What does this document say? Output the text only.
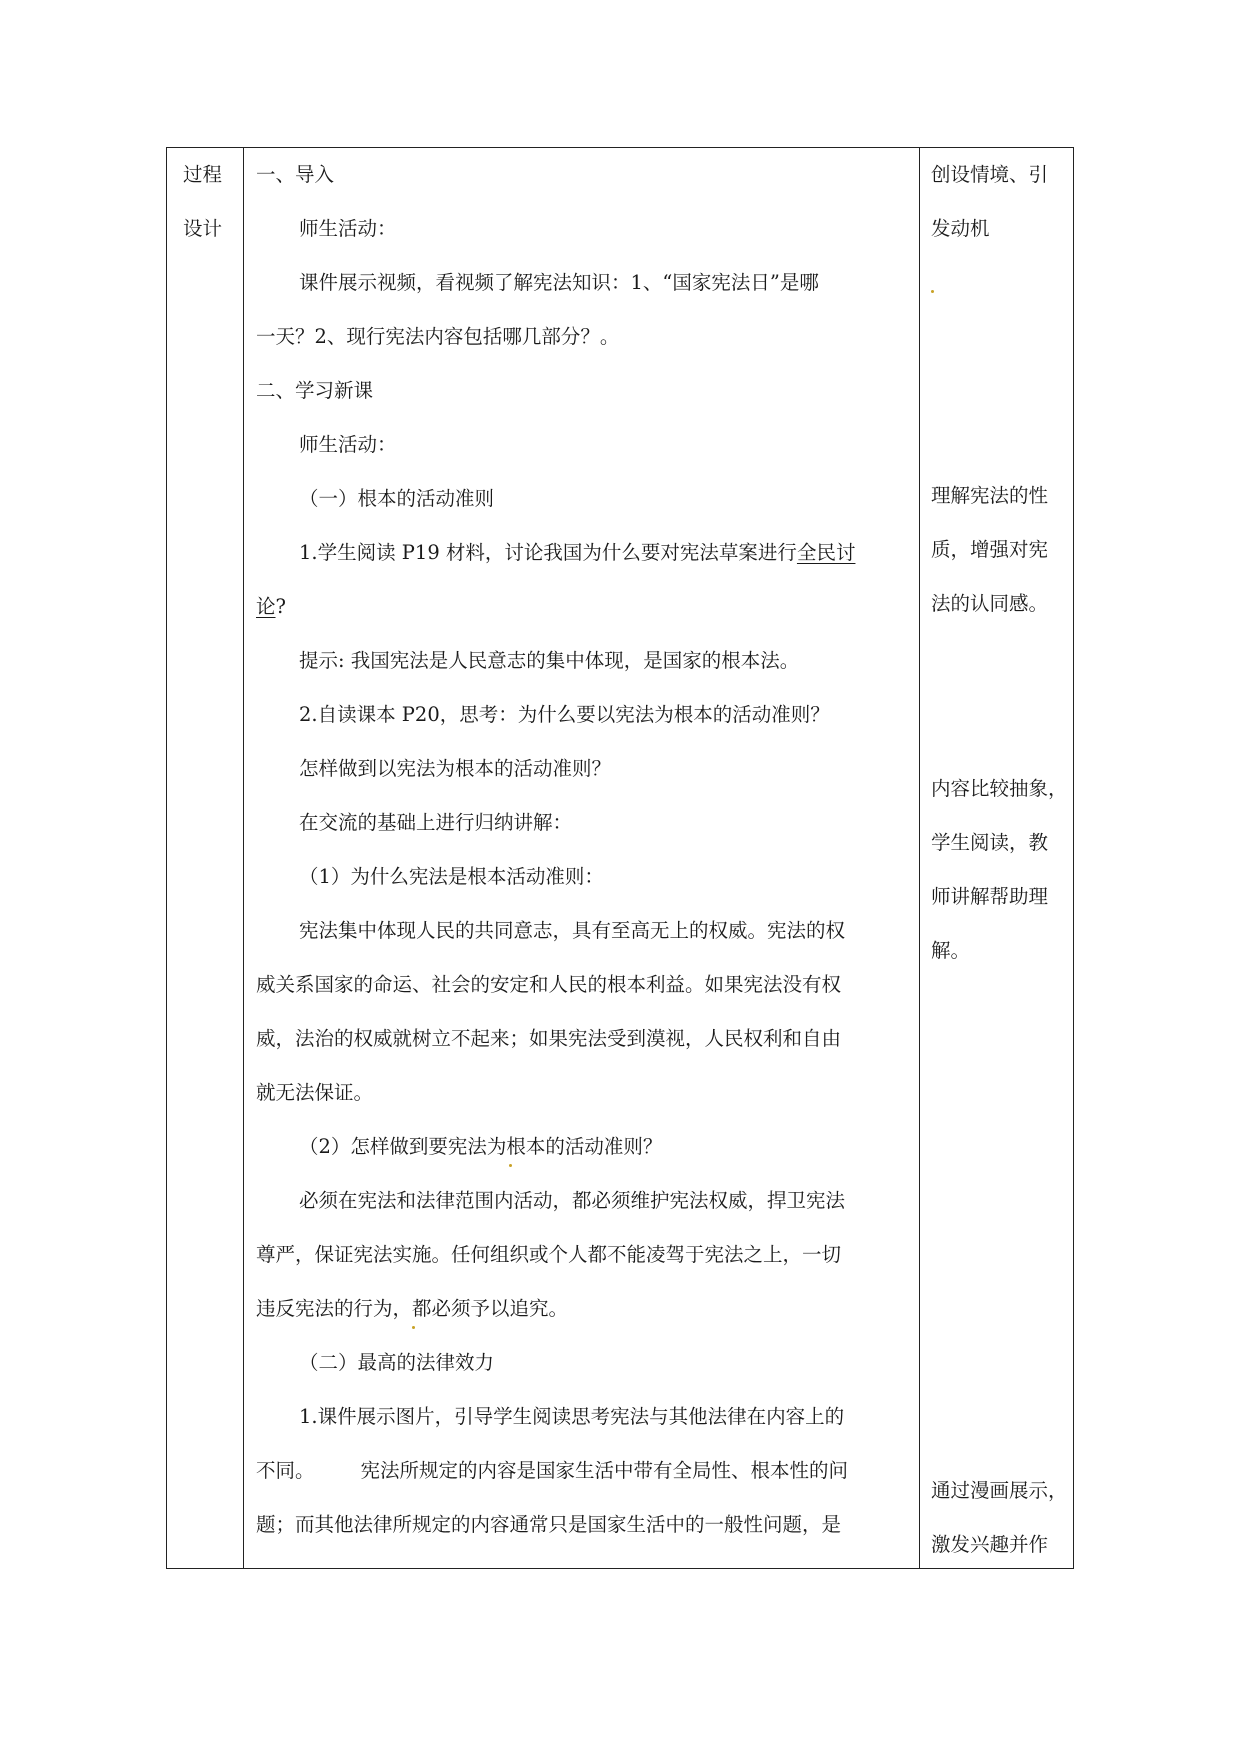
过程
设计
一、导入
师生活动：
课件展示视频，看视频了解宪法知识：1、“国家宪法日”是哪
一天？2、现行宪法内容包括哪几部分？。
二、学习新课
师生活动：
（一）根本的活动准则
1.学生阅读 P19 材料，讨论我国为什么要对宪法草案进行全民讨
论?
提示: 我国宪法是人民意志的集中体现，是国家的根本法。
2.自读课本 P20，思考：为什么要以宪法为根本的活动准则？
怎样做到以宪法为根本的活动准则？
在交流的基础上进行归纳讲解：
（1）为什么宪法是根本活动准则：
宪法集中体现人民的共同意志，具有至高无上的权威。宪法的权
威关系国家的命运、社会的安定和人民的根本利益。如果宪法没有权
威，法治的权威就树立不起来；如果宪法受到漠视，人民权利和自由
就无法保证。
（2）怎样做到要宪法为根本的活动准则？
必须在宪法和法律范围内活动，都必须维护宪法权威，捍卫宪法
尊严，保证宪法实施。任何组织或个人都不能凌驾于宪法之上，一切
违反宪法的行为，都必须予以追究。
（二）最高的法律效力
1.课件展示图片，引导学生阅读思考宪法与其他法律在内容上的
不同。 宪法所规定的内容是国家生活中带有全局性、根本性的问
题；而其他法律所规定的内容通常只是国家生活中的一般性问题，是
创设情境、引
发动机
理解宪法的性
质，增强对宪
法的认同感。
内容比较抽象，
学生阅读，教
师讲解帮助理
解。
通过漫画展示，
激发兴趣并作
